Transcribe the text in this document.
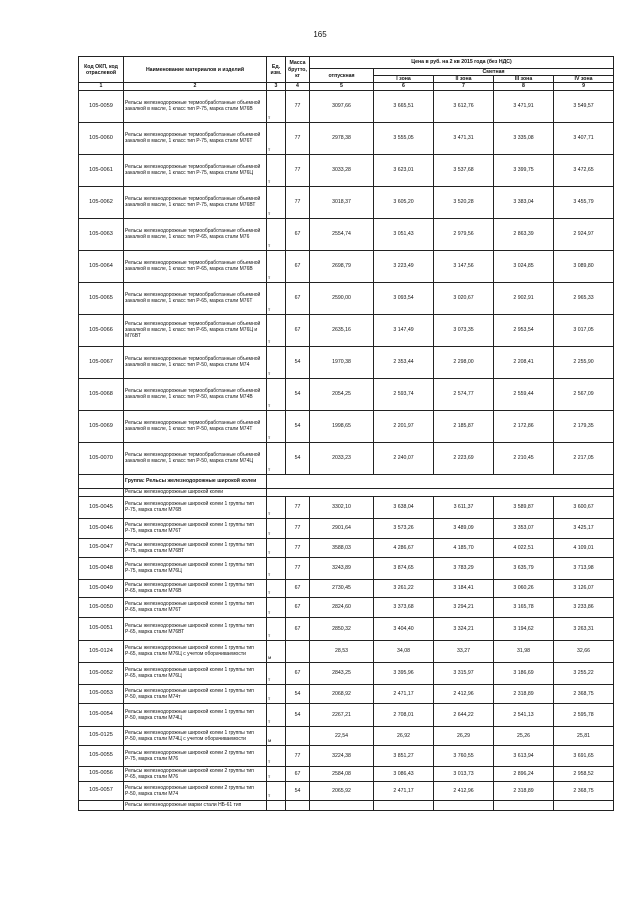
165
Код ОКП, код отраслевой	Наименование материалов и изделий	Ед. изм.	Масса брутто, кг	Цена в руб. на 2 кв 2015 года (без НДС)				
				отпускная	Сметная			
					I зона	II зона	III зона	IV зона
1	2	3	4	5	6	7	8	9
105-0059	Рельсы железнодорожные термообработанные объемной закалкой в масле, 1 класс тип Р-75, марка стали М76В	т	77	3097,66	3 665,51	3 612,76	3 471,91	3 549,57
105-0060	Рельсы железнодорожные термообработанные объемной закалкой в масле, 1 класс тип Р-75, марка стали М76Т	т	77	2978,38	3 555,05	3 471,31	3 335,08	3 407,71
105-0061	Рельсы железнодорожные термообработанные объемной закалкой в масле, 1 класс тип Р-75, марка стали М76Ц	т	77	3033,28	3 623,01	3 537,68	3 399,75	3 472,65
105-0062	Рельсы железнодорожные термообработанные объемной закалкой в масле, 1 класс тип Р-75, марка стали М76ВТ	т	77	3018,37	3 605,20	3 520,28	3 383,04	3 455,79
105-0063	Рельсы железнодорожные термообработанные объемной закалкой в масле, 1 класс тип Р-65, марка стали М76	т	67	2554,74	3 051,43	2 979,56	2 863,39	2 924,97
105-0064	Рельсы железнодорожные термообработанные объемной закалкой в масле, 1 класс тип Р-65, марка стали М76В	т	67	2698,79	3 223,49	3 147,56	3 024,85	3 089,80
105-0065	Рельсы железнодорожные термообработанные объемной закалкой в масле, 1 класс тип Р-65, марка стали М76Т	т	67	2590,00	3 093,54	3 020,67	2 902,91	2 965,33
105-0066	Рельсы железнодорожные термообработанные объемной закалкой в масле, 1 класс тип Р-65, марка стали М76Ц и М76ВТ	т	67	2635,16	3 147,49	3 073,35	2 953,54	3 017,05
105-0067	Рельсы железнодорожные термообработанные объемной закалкой в масле, 1 класс тип Р-50, марка стали М74	т	54	1970,38	2 353,44	2 298,00	2 208,41	2 255,90
105-0068	Рельсы железнодорожные термообработанные объемной закалкой в масле, 1 класс тип Р-50, марка стали М74В	т	54	2054,25	2 593,74	2 574,77	2 559,44	2 567,09
105-0069	Рельсы железнодорожные термообработанные объемной закалкой в масле, 1 класс тип Р-50, марка стали М74Т	т	54	1998,65	2 201,97	2 185,87	2 172,86	2 179,35
105-0070	Рельсы железнодорожные термообработанные объемной закалкой в масле, 1 класс тип Р-50, марка стали М74Ц	т	54	2033,23	2 240,07	2 223,69	2 210,45	2 217,05
	Группа: Рельсы железнодорожные широкой колеи							
	Рельсы железнодорожные широкой колеи							
105-0045	Рельсы железнодорожные широкой колеи 1 группы тип Р-75, марка стали М76В	т	77	3302,10	3 638,04	3 611,37	3 589,87	3 600,67
105-0046	Рельсы железнодорожные широкой колеи 1 группы тип Р-75, марка стали М76Т	т	77	2901,64	3 573,26	3 489,09	3 353,07	3 425,17
105-0047	Рельсы железнодорожные широкой колеи 1 группы тип Р-75, марка стали М76ВТ	т	77	3588,03	4 286,67	4 185,70	4 022,51	4 109,01
105-0048	Рельсы железнодорожные широкой колеи 1 группы тип Р-75, марка стали М76Ц	т	77	3243,89	3 874,65	3 783,29	3 635,79	3 713,98
105-0049	Рельсы железнодорожные широкой колеи 1 группы тип Р-65, марка стали М76В	т	67	2730,45	3 261,22	3 184,41	3 060,26	3 126,07
105-0050	Рельсы железнодорожные широкой колеи 1 группы тип Р-65, марка стали М76Т	т	67	2824,60	3 373,68	3 294,21	3 165,78	3 233,86
105-0051	Рельсы железнодорожные широкой колеи 1 группы тип Р-65, марка стали М76ВТ	т	67	2850,32	3 404,40	3 324,21	3 194,62	3 263,31
105-0124	Рельсы железнодорожные широкой колеи 1 группы тип Р-65, марка стали М76Ц с учетом оборачиваемости	м		28,53	34,08	33,27	31,98	32,66
105-0052	Рельсы железнодорожные широкой колеи 1 группы тип Р-65, марка стали М76Ц	т	67	2843,25	3 395,96	3 315,97	3 186,69	3 255,22
105-0053	Рельсы железнодорожные широкой колеи 1 группы тип Р-50, марка стали М74т	т	54	2068,92	2 471,17	2 412,96	2 318,89	2 368,75
105-0054	Рельсы железнодорожные широкой колеи 1 группы тип Р-50, марка стали М74Ц	т	54	2267,21	2 708,01	2 644,22	2 541,13	2 595,78
105-0125	Рельсы железнодорожные широкой колеи 1 группы тип Р-50, марка стали М74Ц с учетом оборачиваемости	м		22,54	26,92	26,29	25,26	25,81
105-0055	Рельсы железнодорожные широкой колеи 2 группы тип Р-75, марка стали М76	т	77	3224,38	3 851,27	3 760,55	3 613,94	3 691,65
105-0056	Рельсы железнодорожные широкой колеи 2 группы тип Р-65, марка стали М76	т	67	2584,08	3 086,43	3 013,73	2 896,24	2 958,52
105-0057	Рельсы железнодорожные широкой колеи 2 группы тип Р-50, марка стали М74	т	54	2065,92	2 471,17	2 412,96	2 318,89	2 368,75
	Рельсы железнодорожные марки стали НБ-61 тип							
